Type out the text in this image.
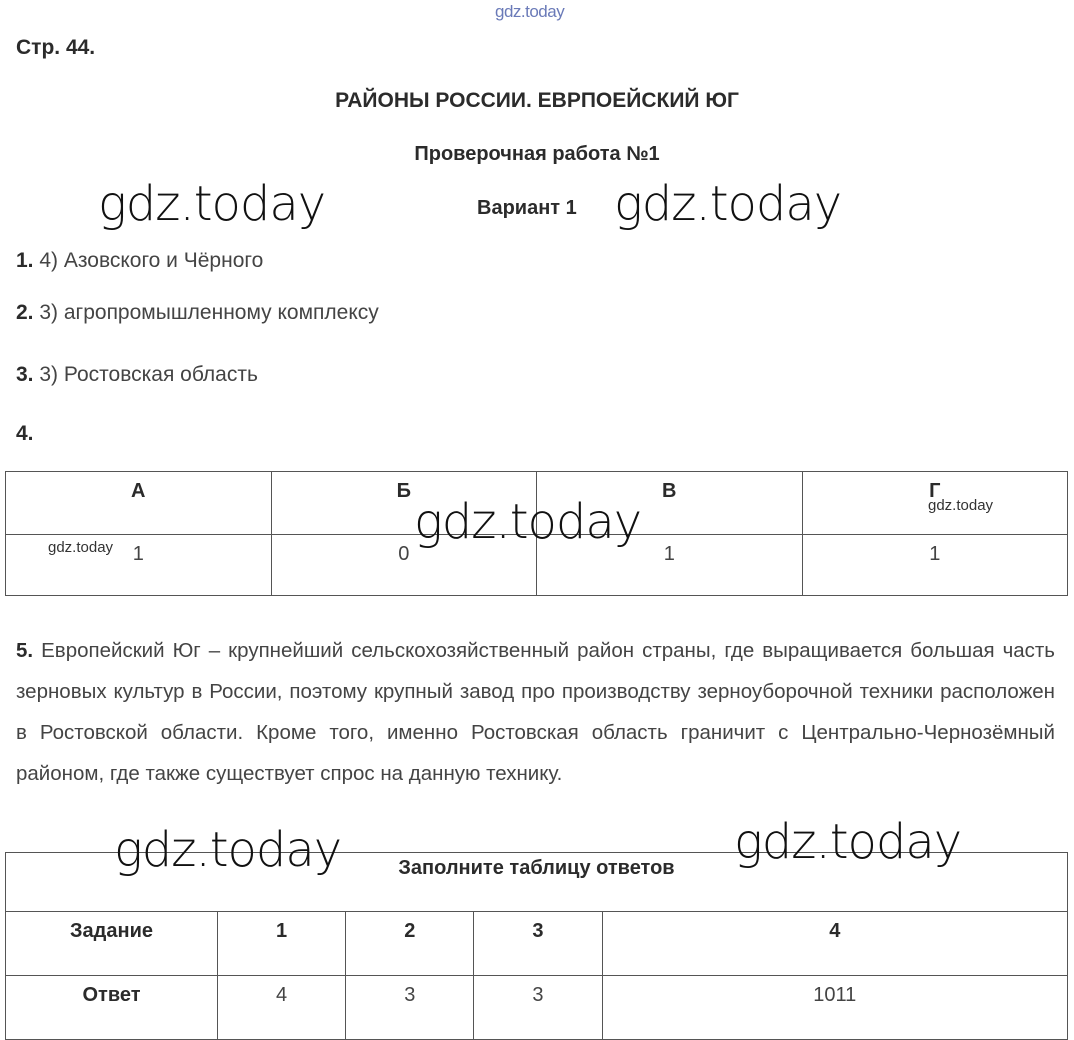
gdz.today
Стр. 44.
РАЙОНЫ РОССИИ. ЕВРПОЕЙСКИЙ ЮГ
Проверочная работа №1
Вариант 1
gdz.today	gdz.today
1. 4) Азовского и Чёрного
2. 3) агропромышленному комплексу
3. 3) Ростовская область
4.
А	Б	В	Г
1	0	1	1
gdz.today
gdz.today	gdz.today
5. Европейский Юг – крупнейший сельскохозяйственный район страны, где выращивается большая часть зерновых культур в России, поэтому крупный завод про производству зерноуборочной техники расположен в Ростовской области. Кроме того, именно Ростовская область граничит с Центрально-Чернозёмный районом, где также существует спрос на данную технику.
Заполните таблицу ответов				
Задание	1	2	3	4
Ответ	4	3	3	1011
gdz.today	gdz.today
